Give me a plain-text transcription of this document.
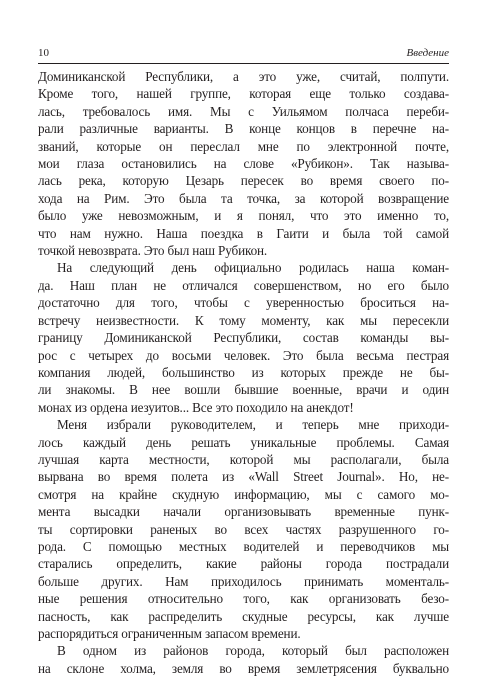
10	Введение

Доминиканской Республики, а это уже, считай, полпути.
Кроме того, нашей группе, которая еще только создава-
лась, требовалось имя. Мы с Уильямом полчаса переби-
рали различные варианты. В конце концов в перечне на-
званий, которые он переслал мне по электронной почте,
мои глаза остановились на слове «Рубикон». Так называ-
лась река, которую Цезарь пересек во время своего по-
хода на Рим. Это была та точка, за которой возвращение
было уже невозможным, и я понял, что это именно то,
что нам нужно. Наша поездка в Гаити и была той самой
точкой невозврата. Это был наш Рубикон.

На следующий день официально родилась наша коман-
да. Наш план не отличался совершенством, но его было
достаточно для того, чтобы с уверенностью броситься на-
встречу неизвестности. К тому моменту, как мы пересекли
границу Доминиканской Республики, состав команды вы-
рос с четырех до восьми человек. Это была весьма пестрая
компания людей, большинство из которых прежде не бы-
ли знакомы. В нее вошли бывшие военные, врачи и один
монах из ордена иезуитов... Все это походило на анекдот!

Меня избрали руководителем, и теперь мне приходи-
лось каждый день решать уникальные проблемы. Самая
лучшая карта местности, которой мы располагали, была
вырвана во время полета из «Wall Street Journal». Но, не-
смотря на крайне скудную информацию, мы с самого мо-
мента высадки начали организовывать временные пунк-
ты сортировки раненых во всех частях разрушенного го-
рода. С помощью местных водителей и переводчиков мы
старались определить, какие районы города пострадали
больше других. Нам приходилось принимать моменталь-
ные решения относительно того, как организовать безо-
пасность, как распределить скудные ресурсы, как лучше
распорядиться ограниченным запасом времени.

В одном из районов города, который был расположен
на склоне холма, земля во время землетрясения буквально
